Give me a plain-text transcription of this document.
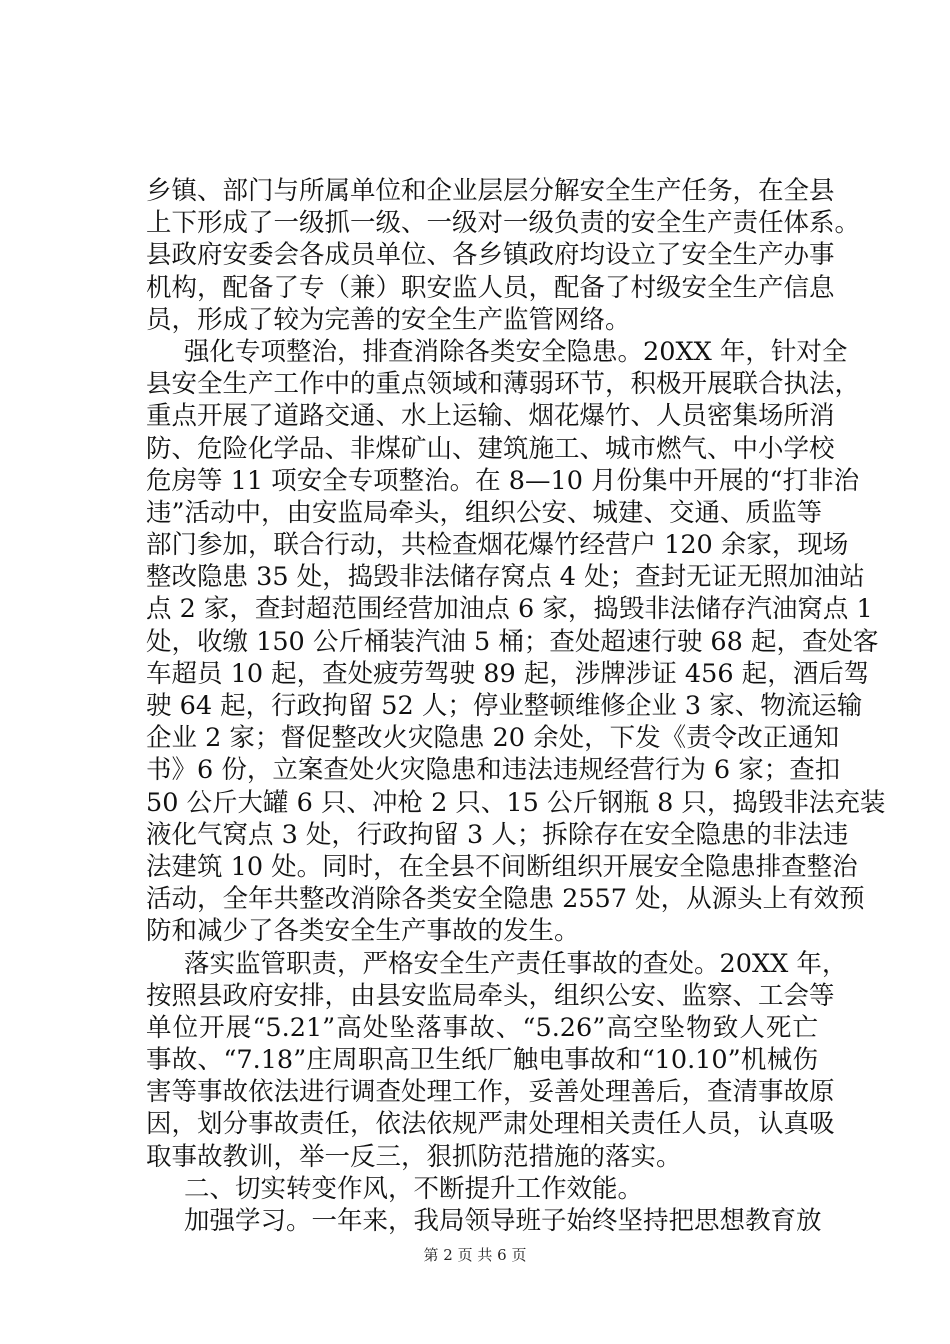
乡镇、部门与所属单位和企业层层分解安全生产任务，在全县
上下形成了一级抓一级、一级对一级负责的安全生产责任体系。
县政府安委会各成员单位、各乡镇政府均设立了安全生产办事
机构，配备了专（兼）职安监人员，配备了村级安全生产信息
员，形成了较为完善的安全生产监管网络。
强化专项整治，排查消除各类安全隐患。20XX 年，针对全
县安全生产工作中的重点领域和薄弱环节，积极开展联合执法，
重点开展了道路交通、水上运输、烟花爆竹、人员密集场所消
防、危险化学品、非煤矿山、建筑施工、城市燃气、中小学校
危房等 11 项安全专项整治。在 8—10 月份集中开展的“打非治
违”活动中，由安监局牵头，组织公安、城建、交通、质监等
部门参加，联合行动，共检查烟花爆竹经营户 120 余家，现场
整改隐患 35 处，捣毁非法储存窝点 4 处；查封无证无照加油站
点 2 家，查封超范围经营加油点 6 家，捣毁非法储存汽油窝点 1
处，收缴 150 公斤桶装汽油 5 桶；查处超速行驶 68 起，查处客
车超员 10 起，查处疲劳驾驶 89 起，涉牌涉证 456 起，酒后驾
驶 64 起，行政拘留 52 人；停业整顿维修企业 3 家、物流运输
企业 2 家；督促整改火灾隐患 20 余处，下发《责令改正通知
书》6 份，立案查处火灾隐患和违法违规经营行为 6 家；查扣
50 公斤大罐 6 只、冲枪 2 只、15 公斤钢瓶 8 只，捣毁非法充装
液化气窝点 3 处，行政拘留 3 人；拆除存在安全隐患的非法违
法建筑 10 处。同时，在全县不间断组织开展安全隐患排查整治
活动，全年共整改消除各类安全隐患 2557 处，从源头上有效预
防和减少了各类安全生产事故的发生。
落实监管职责，严格安全生产责任事故的查处。20XX 年，
按照县政府安排，由县安监局牵头，组织公安、监察、工会等
单位开展“5.21”高处坠落事故、“5.26”高空坠物致人死亡
事故、“7.18”庄周职高卫生纸厂触电事故和“10.10”机械伤
害等事故依法进行调查处理工作，妥善处理善后，查清事故原
因，划分事故责任，依法依规严肃处理相关责任人员，认真吸
取事故教训，举一反三，狠抓防范措施的落实。
二、切实转变作风，不断提升工作效能。
加强学习。一年来，我局领导班子始终坚持把思想教育放
第 2 页 共 6 页
